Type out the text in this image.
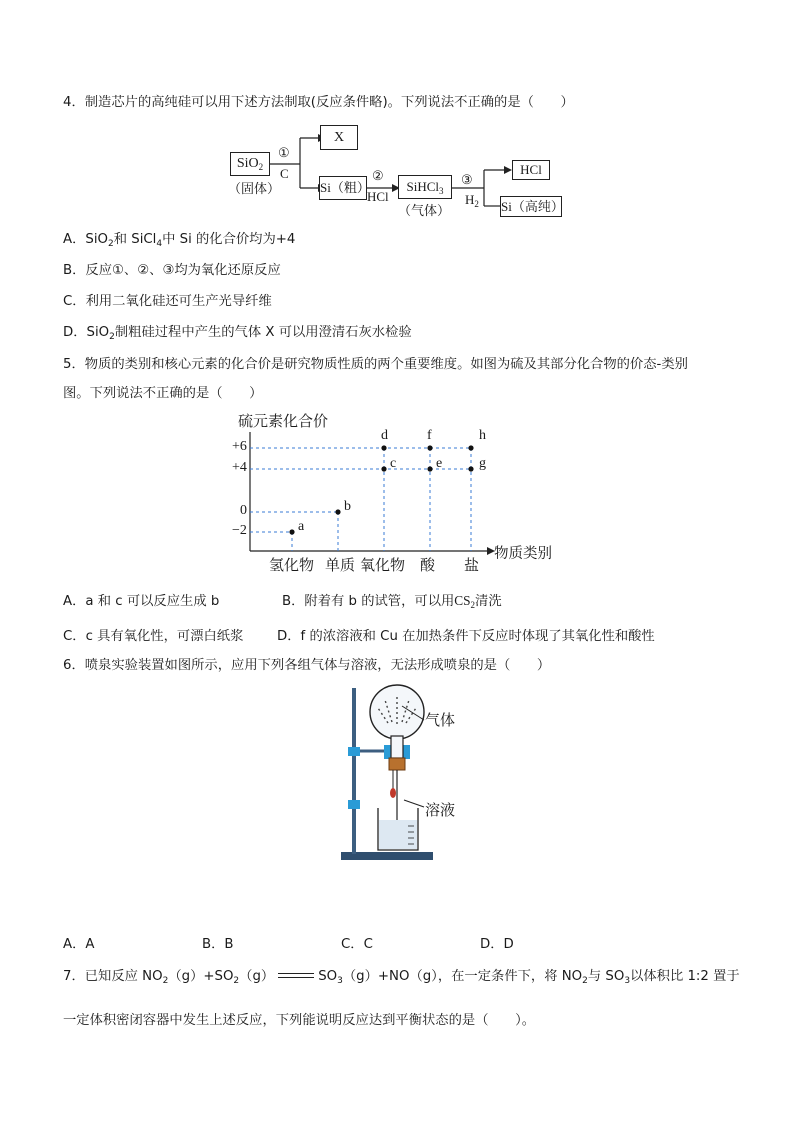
4．制造芯片的高纯硅可以用下述方法制取(反应条件略)。下列说法不正确的是（　　）
SiO$_2$
（固体）
①
C
X
Si（粗）
②
HCl
SiHCl$_3$
（气体）
③
$H_2$
HCl
Si（高纯）
A．SiO$_2$和 SiCl$_4$中 Si 的化合价均为+4
B．反应①、②、③均为氧化还原反应
C．利用二氧化硅还可生产光导纤维
D．SiO$_2$制粗硅过程中产生的气体 X 可以用澄清石灰水检验
5．物质的类别和核心元素的化合价是研究物质性质的两个重要维度。如图为硫及其部分化合物的价态-类别
图。下列说法不正确的是（　　）
硫元素化合价
物质类别
+6
+4
0
−2
氢化物 单质 氧化物 酸 盐
a
b
c
d
e
f
g
h
A．a 和 c 可以反应生成 b	B．附着有 b 的试管，可以用$CS_2$清洗
C．c 具有氧化性，可漂白纸浆	D．f 的浓溶液和 Cu 在加热条件下反应时体现了其氧化性和酸性
6．喷泉实验装置如图所示，应用下列各组气体与溶液，无法形成喷泉的是（　　）
气体
溶液
A．A	B．B	C．C	D．D
7．已知反应 $NO_2(g)+SO_2(g)$	$SO_3(g)+NO(g)$，在一定条件下，将 $NO_2$与 $SO_3$以体积比 1:2 置于
一定体积密闭容器中发生上述反应，下列能说明反应达到平衡状态的是（　　）。
